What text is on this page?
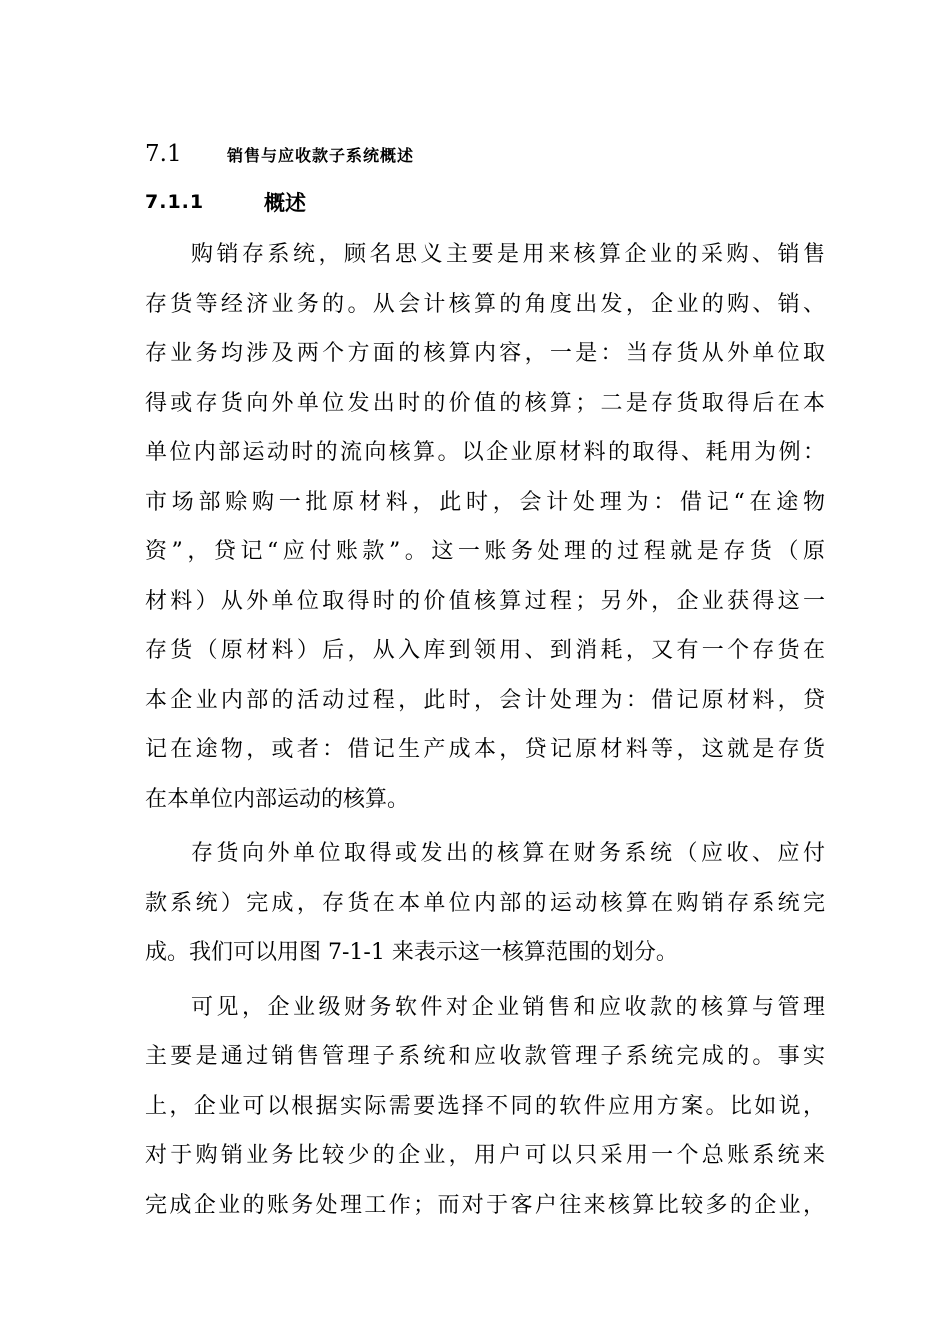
7.1	销售与应收款子系统概述
7.1.1	概述
购销存系统，顾名思义主要是用来核算企业的采购、销售
存货等经济业务的。从会计核算的角度出发，企业的购、销、
存业务均涉及两个方面的核算内容，一是：当存货从外单位取
得或存货向外单位发出时的价值的核算；二是存货取得后在本
单位内部运动时的流向核算。以企业原材料的取得、耗用为例：
市场部赊购一批原材料，此时，会计处理为：借记“在途物
资”，贷记“应付账款”。这一账务处理的过程就是存货（原
材料）从外单位取得时的价值核算过程；另外，企业获得这一
存货（原材料）后，从入库到领用、到消耗，又有一个存货在
本企业内部的活动过程，此时，会计处理为：借记原材料，贷
记在途物，或者：借记生产成本，贷记原材料等，这就是存货
在本单位内部运动的核算。
存货向外单位取得或发出的核算在财务系统（应收、应付
款系统）完成，存货在本单位内部的运动核算在购销存系统完
成。我们可以用图 7-1-1 来表示这一核算范围的划分。
可见，企业级财务软件对企业销售和应收款的核算与管理
主要是通过销售管理子系统和应收款管理子系统完成的。事实
上，企业可以根据实际需要选择不同的软件应用方案。比如说，
对于购销业务比较少的企业，用户可以只采用一个总账系统来
完成企业的账务处理工作；而对于客户往来核算比较多的企业，
